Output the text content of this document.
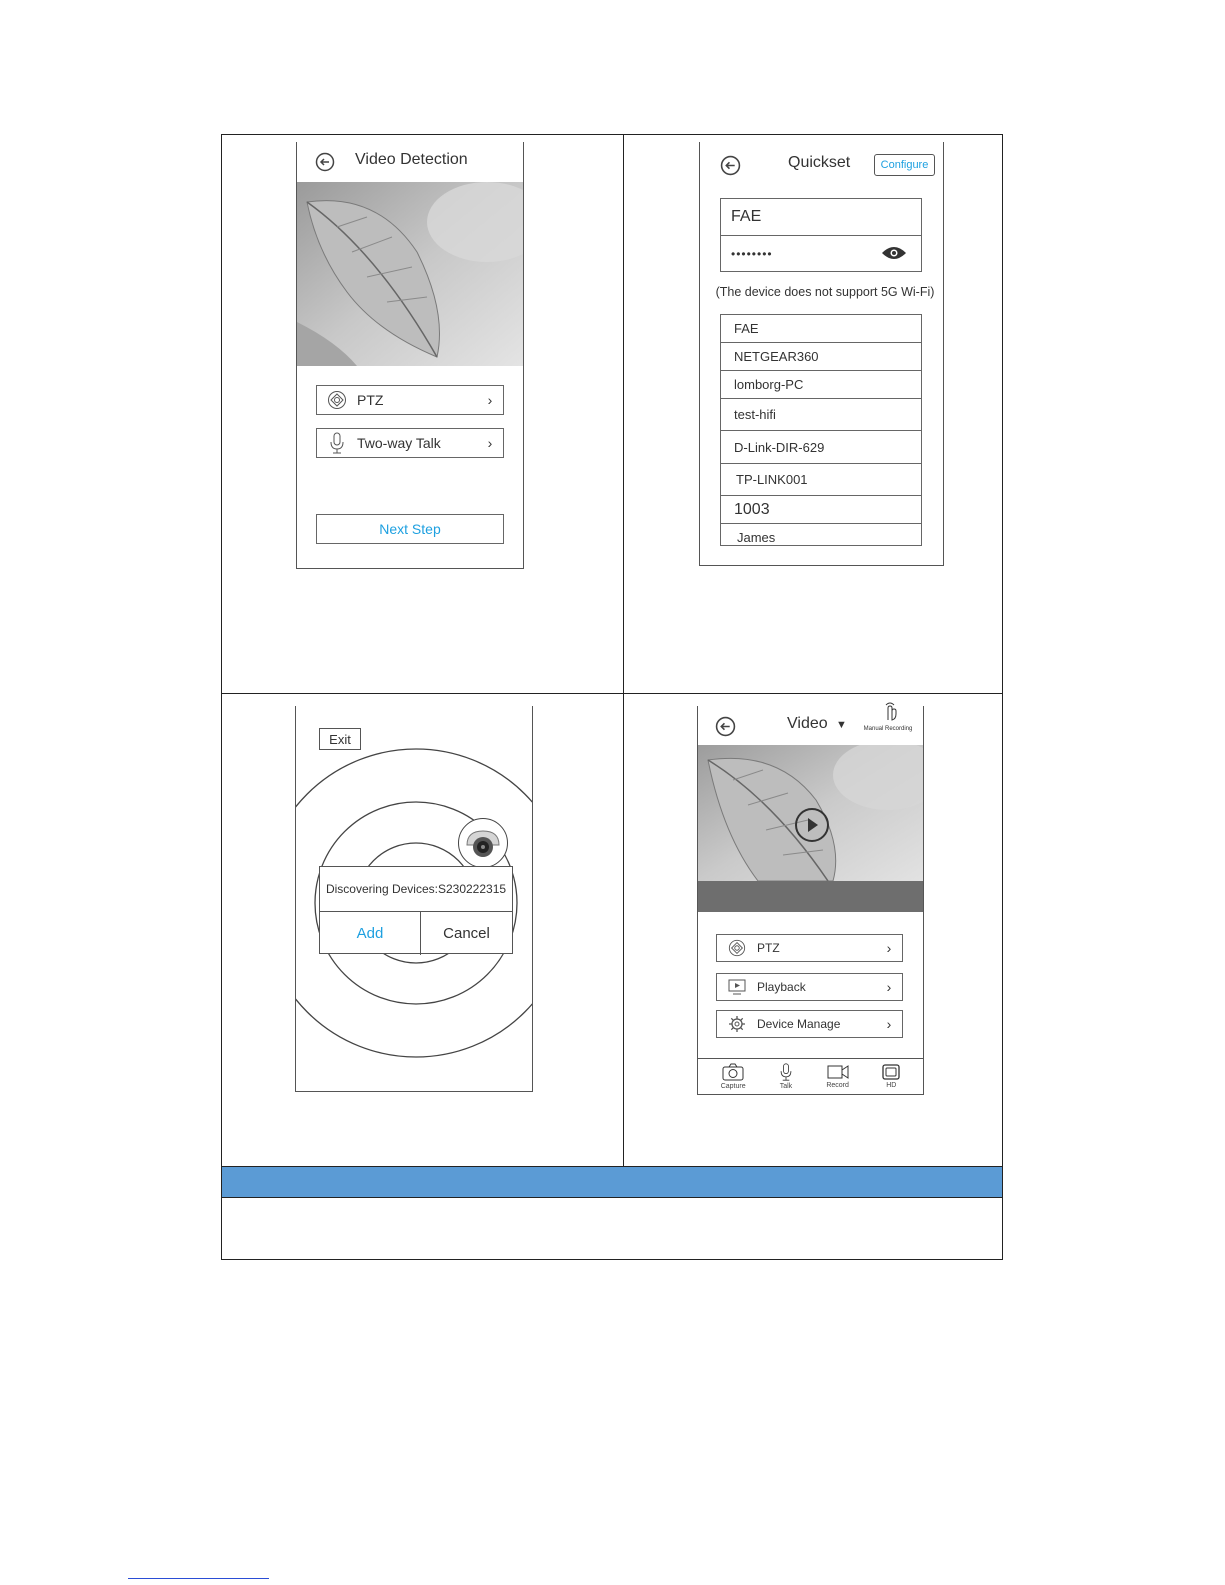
Video Detection
PTZ	›
Two-way Talk	›
Next Step
Quickset	Configure
FAE
••••••••
(The device does not support 5G Wi-Fi)
FAE
NETGEAR360
lomborg-PC
test-hifi
D-Link-DIR-629
TP-LINK001
1003
James
Exit
Discovering Devices:S230222315
Add	Cancel
Video ▼	Manual Recording
PTZ	›
Playback	›
Device Manage	›
Capture	Talk	Record	HD
